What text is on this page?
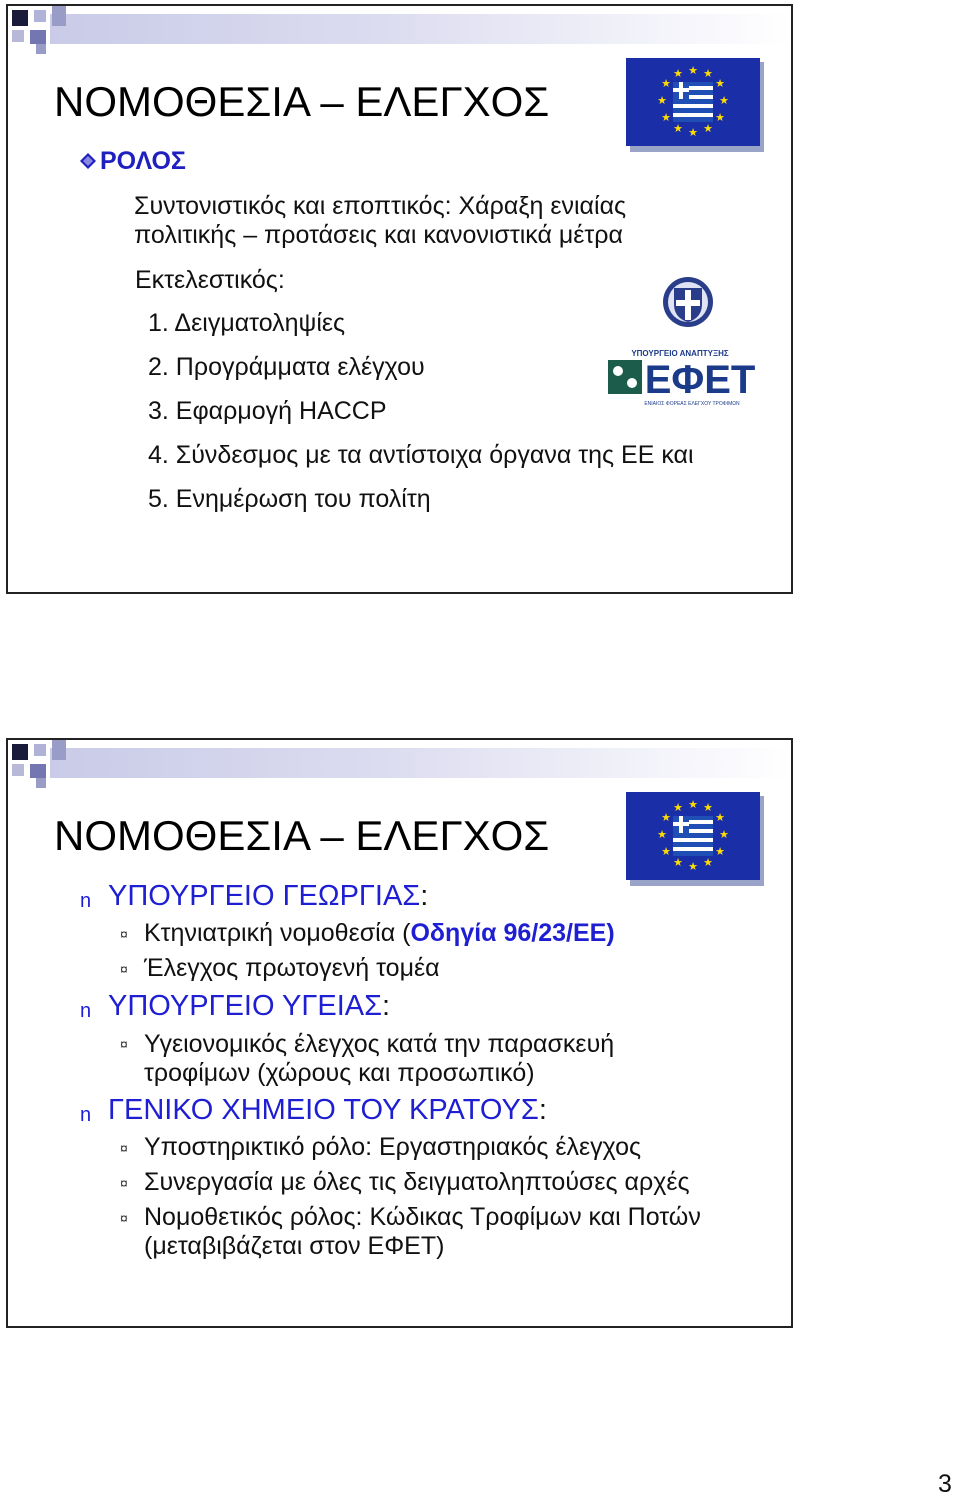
ΝΟΜΟΘΕΣΙΑ – ΕΛΕΓΧΟΣ
★ ★
★
★
★
★
★
★
★
★
★
★
ΡΟΛΟΣ
Συντονιστικός και εποπτικός: Χάραξη ενιαίας
πολιτικής – προτάσεις και κανονιστικά μέτρα
Εκτελεστικός:
1. Δειγματοληψίες
2. Προγράμματα ελέγχου
3. Εφαρμογή HACCP
4. Σύνδεσμος με τα αντίστοιχα όργανα της ΕΕ και
5. Ενημέρωση του πολίτη
ΥΠΟΥΡΓΕΙΟ ΑΝΑΠΤΥΞΗΣ
ΕΦΕΤ
ΕΝΙΑΙΟΣ ΦΟΡΕΑΣ ΕΛΕΓΧΟΥ ΤΡΟΦΙΜΩΝ
ΝΟΜΟΘΕΣΙΑ – ΕΛΕΓΧΟΣ
★ ★
★
★
★
★
★
★
★
★
★
★
n ΥΠΟΥΡΓΕΙΟ ΓΕΩΡΓΙΑΣ:
¤ Κτηνιατρική νομοθεσία (Οδηγία 96/23/ΕΕ)
¤ Έλεγχος πρωτογενή τομέα
n ΥΠΟΥΡΓΕΙΟ ΥΓΕΙΑΣ:
¤ Υγειονομικός έλεγχος κατά την παρασκευή
τροφίμων (χώρους και προσωπικό)
n ΓΕΝΙΚΟ ΧΗΜΕΙΟ ΤΟΥ ΚΡΑΤΟΥΣ:
¤ Υποστηρικτικό ρόλο: Εργαστηριακός έλεγχος
¤ Συνεργασία με όλες τις δειγματοληπτούσες αρχές
¤ Νομοθετικός ρόλος: Κώδικας Τροφίμων και Ποτών
(μεταβιβάζεται στον ΕΦΕΤ)
3
